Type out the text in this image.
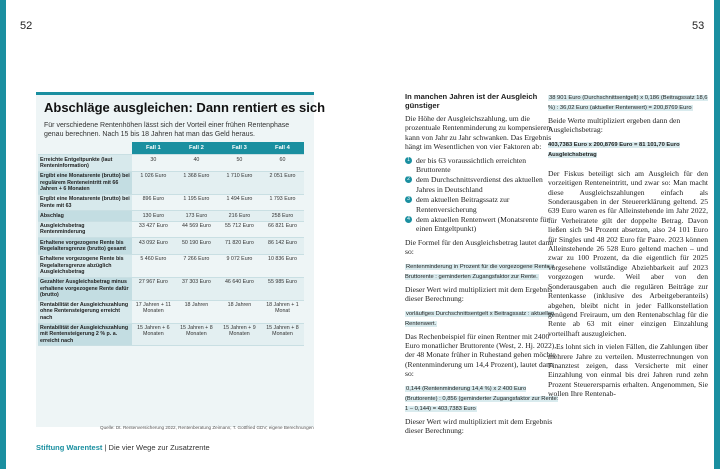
52	53
Abschläge ausgleichen: Dann rentiert es sich
Für verschiedene Rentenhöhen lässt sich der Vorteil einer frühen Rentenphase genau berechnen. Nach 15 bis 18 Jahren hat man das Geld heraus.
	Fall 1	Fall 2	Fall 3	Fall 4
Erreichte Entgeltpunkte (laut Renteninformation)	30	40	50	60
Ergibt eine Monatsrente (brutto) bei regulärem Renteneintritt mit 66 Jahren + 6 Monaten	1 026 Euro	1 368 Euro	1 710 Euro	2 051 Euro
Ergibt eine Monatsrente (brutto) bei Rente mit 63	896 Euro	1 195 Euro	1 494 Euro	1 793 Euro
Abschlag	130 Euro	173 Euro	216 Euro	258 Euro
Ausgleichsbetrag Rentenminderung	33 427 Euro	44 569 Euro	55 712 Euro	66 821 Euro
Erhaltene vorgezogene Rente bis Regelaltersgrenze (brutto) gesamt	43 092 Euro	50 190 Euro	71 820 Euro	86 142 Euro
Erhaltene vorgezogene Rente bis Regelaltersgrenze abzüglich Ausgleichsbetrag	5 460 Euro	7 266 Euro	9 072 Euro	10 836 Euro
Gezahlter Ausgleichsbetrag minus erhaltene vorgezogene Rente dafür (brutto)	27 967 Euro	37 303 Euro	46 640 Euro	55 985 Euro
Rentabilität der Ausgleichszahlung ohne Rentensteigerung erreicht nach	17 Jahren + 11 Monaten	18 Jahren	18 Jahren	18 Jahren + 1 Monat
Rentabilität der Ausgleichszahlung mit Rentensteigerung 2 % p. a. erreicht nach	15 Jahren + 6 Monaten	15 Jahren + 8 Monaten	15 Jahren + 9 Monaten	15 Jahren + 8 Monaten
Quelle: Dt. Rentenversicherung 2022, Rentenberatung Zeimann; T. Gottfried GDV; eigene Berechnungen
Stiftung Warentest | Die vier Wege zur Zusatzrente

In manchen Jahren ist der Ausgleich günstiger

Die Höhe der Ausgleichszahlung, um die prozentuale Rentenminderung zu kompensieren, kann von Jahr zu Jahr schwanken. Das Ergebnis hängt im Wesentlichen von vier Faktoren ab:

1 der bis 63 voraussichtlich erreichten Bruttorente
2 dem Durchschnittsverdienst des aktuellen Jahres in Deutschland
3 dem aktuellen Beitragssatz zur Rentenversicherung
4 dem aktuellen Rentenwert (Monatsrente für einen Entgeltpunkt)

Die Formel für den Ausgleichsbetrag lautet dann so:

Rentenminderung in Prozent für die vorgezogene Rente x Bruttorente : geminderten Zugangsfaktor zur Rente.

Dieser Wert wird multipliziert mit dem Ergebnis dieser Berechnung:

vorläufiges Durchschnittsentgelt x Beitragssatz : aktuellen Rentenwert.

Das Rechenbeispiel für einen Rentner mit 2400 Euro monatlicher Bruttorente (West, 2. Hj. 2022), der 48 Monate früher in Ruhestand gehen möchte (Rentenminderung um 14,4 Prozent), lautet dann so:

0,144 (Rentenminderung 14,4 %) x 2 400 Euro (Bruttorente) : 0,856 (geminderter Zugangsfaktor zur Rente: 1 – 0,144) = 403,7383 Euro

Dieser Wert wird multipliziert mit dem Ergebnis dieser Berechnung:

38 901 Euro (Durchschnittsentgelt) x 0,186 (Beitragssatz 18,6 %) : 36,02 Euro (aktueller Rentenwert) = 200,8769 Euro

Beide Werte multipliziert ergeben dann den Ausgleichsbetrag:

403,7383 Euro x 200,8769 Euro = 81 101,70 Euro Ausgleichsbetrag

Der Fiskus beteiligt sich am Ausgleich für den vorzeitigen Renteneintritt, und zwar so: Man macht diese Ausgleichszahlungen einfach als Sonderausgaben in der Steuererklärung geltend. 25 639 Euro waren es für Alleinstehende im Jahr 2022, für Verheiratete gilt der doppelte Betrag. Davon ließen sich 94 Prozent absetzen, also 24 101 Euro für Singles und 48 202 Euro für Paare. 2023 können Alleinstehende 26 528 Euro geltend machen – und zwar zu 100 Prozent, da die eigentlich für 2025 vorgesehene vollständige Abziehbarkeit auf 2023 vorgezogen wurde. Weil aber von den Sonderausgaben auch die regulären Beiträge zur Rentenkasse (inklusive des Arbeitgeberanteils) abgehen, bleibt nicht in jeder Fallkonstellation genügend Freiraum, um den Rentenabschlag für die Rente ab 63 mit einer einzigen Einzahlung vorteilhaft auszugleichen.

Es lohnt sich in vielen Fällen, die Zahlungen über mehrere Jahre zu verteilen. Musterrechnungen von Finanztest zeigen, dass Versicherte mit einer Einzahlung von einmal bis drei Jahren rund zehn Prozent Steuerersparnis erhalten. Angenommen, Sie wollen Ihre Rentenab-
